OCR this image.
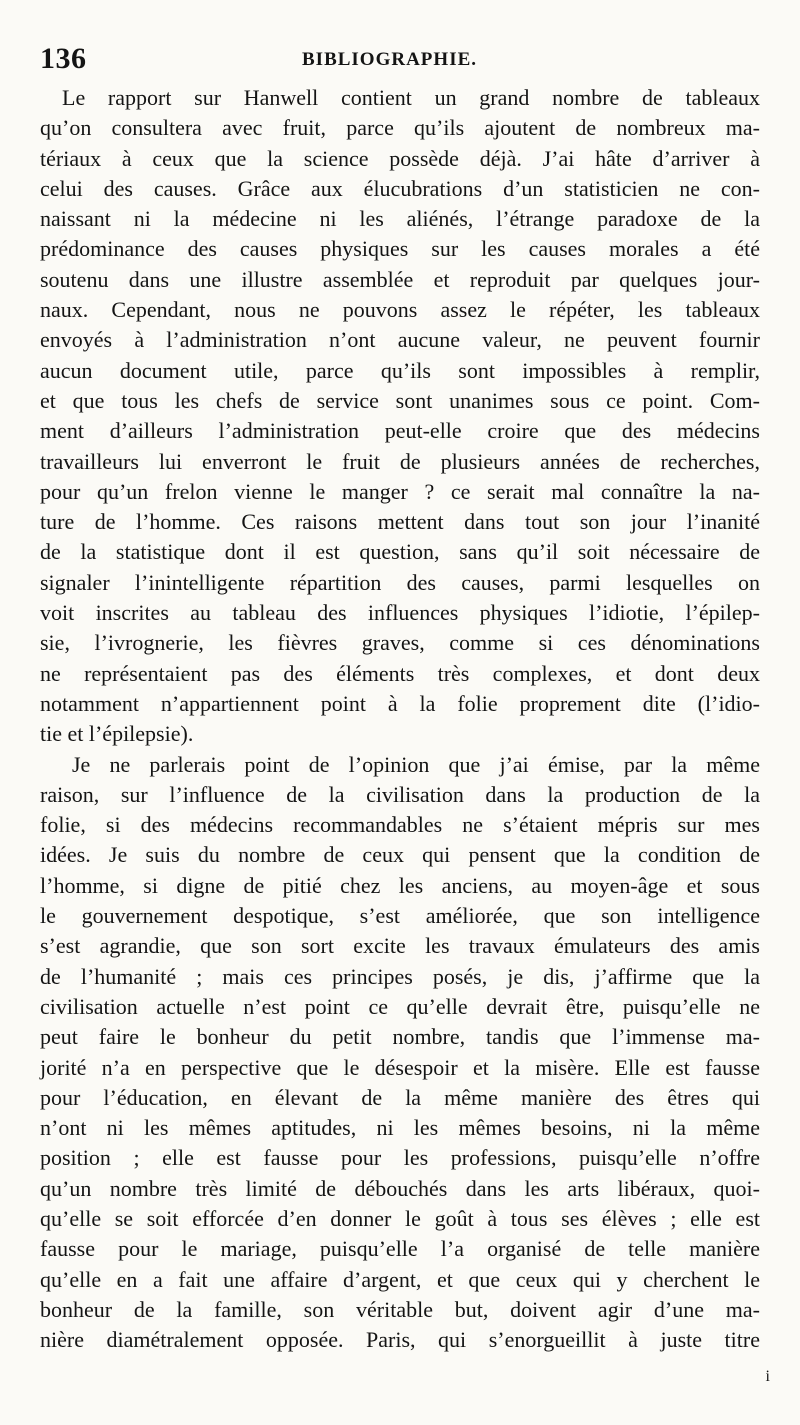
136	BIBLIOGRAPHIE.
Le rapport sur Hanwell contient un grand nombre de tableaux
qu’on consultera avec fruit, parce qu’ils ajoutent de nombreux ma-
tériaux à ceux que la science possède déjà. J’ai hâte d’arriver à
celui des causes. Grâce aux élucubrations d’un statisticien ne con-
naissant ni la médecine ni les aliénés, l’étrange paradoxe de la
prédominance des causes physiques sur les causes morales a été
soutenu dans une illustre assemblée et reproduit par quelques jour-
naux. Cependant, nous ne pouvons assez le répéter, les tableaux
envoyés à l’administration n’ont aucune valeur, ne peuvent fournir
aucun document utile, parce qu’ils sont impossibles à remplir,
et que tous les chefs de service sont unanimes sous ce point. Com-
ment d’ailleurs l’administration peut-elle croire que des médecins
travailleurs lui enverront le fruit de plusieurs années de recherches,
pour qu’un frelon vienne le manger ? ce serait mal connaître la na-
ture de l’homme. Ces raisons mettent dans tout son jour l’inanité
de la statistique dont il est question, sans qu’il soit nécessaire de
signaler l’inintelligente répartition des causes, parmi lesquelles on
voit inscrites au tableau des influences physiques l’idiotie, l’épilep-
sie, l’ivrognerie, les fièvres graves, comme si ces dénominations
ne représentaient pas des éléments très complexes, et dont deux
notamment n’appartiennent point à la folie proprement dite (l’idio-
tie et l’épilepsie).
Je ne parlerais point de l’opinion que j’ai émise, par la même
raison, sur l’influence de la civilisation dans la production de la
folie, si des médecins recommandables ne s’étaient mépris sur mes
idées. Je suis du nombre de ceux qui pensent que la condition de
l’homme, si digne de pitié chez les anciens, au moyen-âge et sous
le gouvernement despotique, s’est améliorée, que son intelligence
s’est agrandie, que son sort excite les travaux émulateurs des amis
de l’humanité ; mais ces principes posés, je dis, j’affirme que la
civilisation actuelle n’est point ce qu’elle devrait être, puisqu’elle ne
peut faire le bonheur du petit nombre, tandis que l’immense ma-
jorité n’a en perspective que le désespoir et la misère. Elle est fausse
pour l’éducation, en élevant de la même manière des êtres qui
n’ont ni les mêmes aptitudes, ni les mêmes besoins, ni la même
position ; elle est fausse pour les professions, puisqu’elle n’offre
qu’un nombre très limité de débouchés dans les arts libéraux, quoi-
qu’elle se soit efforcée d’en donner le goût à tous ses élèves ; elle est
fausse pour le mariage, puisqu’elle l’a organisé de telle manière
qu’elle en a fait une affaire d’argent, et que ceux qui y cherchent le
bonheur de la famille, son véritable but, doivent agir d’une ma-
nière diamétralement opposée. Paris, qui s’enorgueillit à juste titre
i
